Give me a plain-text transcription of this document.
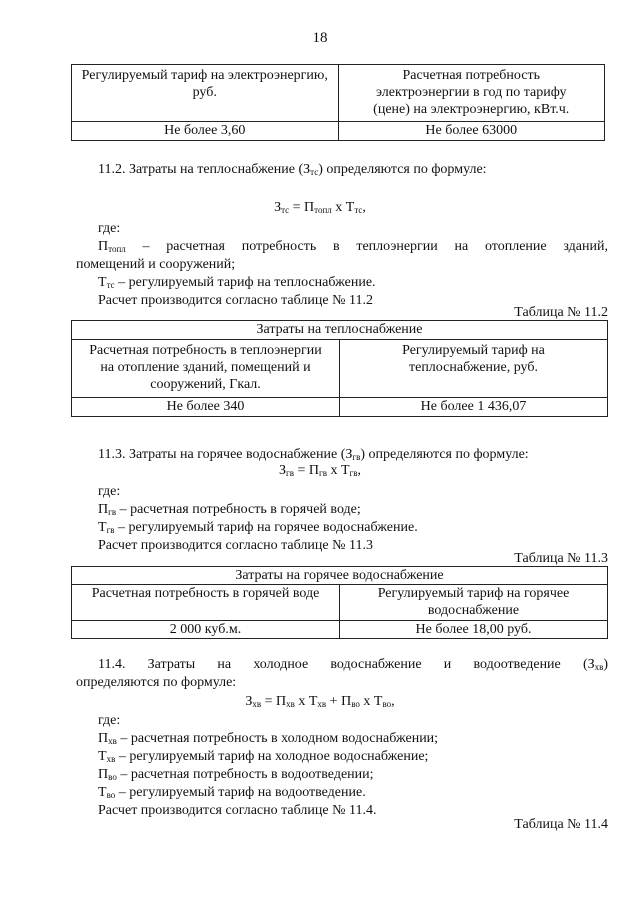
18
Регулируемый тариф на электроэнергию,
руб.	Расчетная потребность
электроэнергии в год по тарифу
(цене) на электроэнергию, кВт.ч.
Не более 3,60	Не более 63000
11.2. Затраты на теплоснабжение $(З_{тс})$ определяются по формуле:
$З_{тс} = П_{топл}$ х $Т_{тс}$,
где:
$П_{топл}$ – расчетная потребность в теплоэнергии на отопление зданий,
помещений и сооружений;
$Т_{тс}$ – регулируемый тариф на теплоснабжение.
Расчет производится согласно таблице № 11.2
Таблица № 11.2
Затраты на теплоснабжение	
Расчетная потребность в теплоэнергии
на отопление зданий, помещений и
сооружений, Гкал.	Регулируемый тариф на
теплоснабжение, руб.
Не более 340	Не более 1 436,07
11.3. Затраты на горячее водоснабжение $(З_{гв})$ определяются по формуле:
$З_{гв} = П_{гв}$ х $Т_{гв}$,
где:
$П_{гв}$ – расчетная потребность в горячей воде;
$Т_{гв}$ – регулируемый тариф на горячее водоснабжение.
Расчет производится согласно таблице № 11.3
Таблица № 11.3
Затраты на горячее водоснабжение	
Расчетная потребность в горячей воде	Регулируемый тариф на горячее
водоснабжение
2 000 куб.м.	Не более 18,00 руб.
11.4. Затраты на холодное водоснабжение и водоотведение $(З_{хв})$
определяются по формуле:
$З_{хв} = П_{хв}$ х $Т_{хв} + П_{во}$ х $Т_{во}$,
где:
$П_{хв}$ – расчетная потребность в холодном водоснабжении;
$Т_{хв}$ – регулируемый тариф на холодное водоснабжение;
$П_{во}$ – расчетная потребность в водоотведении;
$Т_{во}$ – регулируемый тариф на водоотведение.
Расчет производится согласно таблице № 11.4.
Таблица № 11.4
